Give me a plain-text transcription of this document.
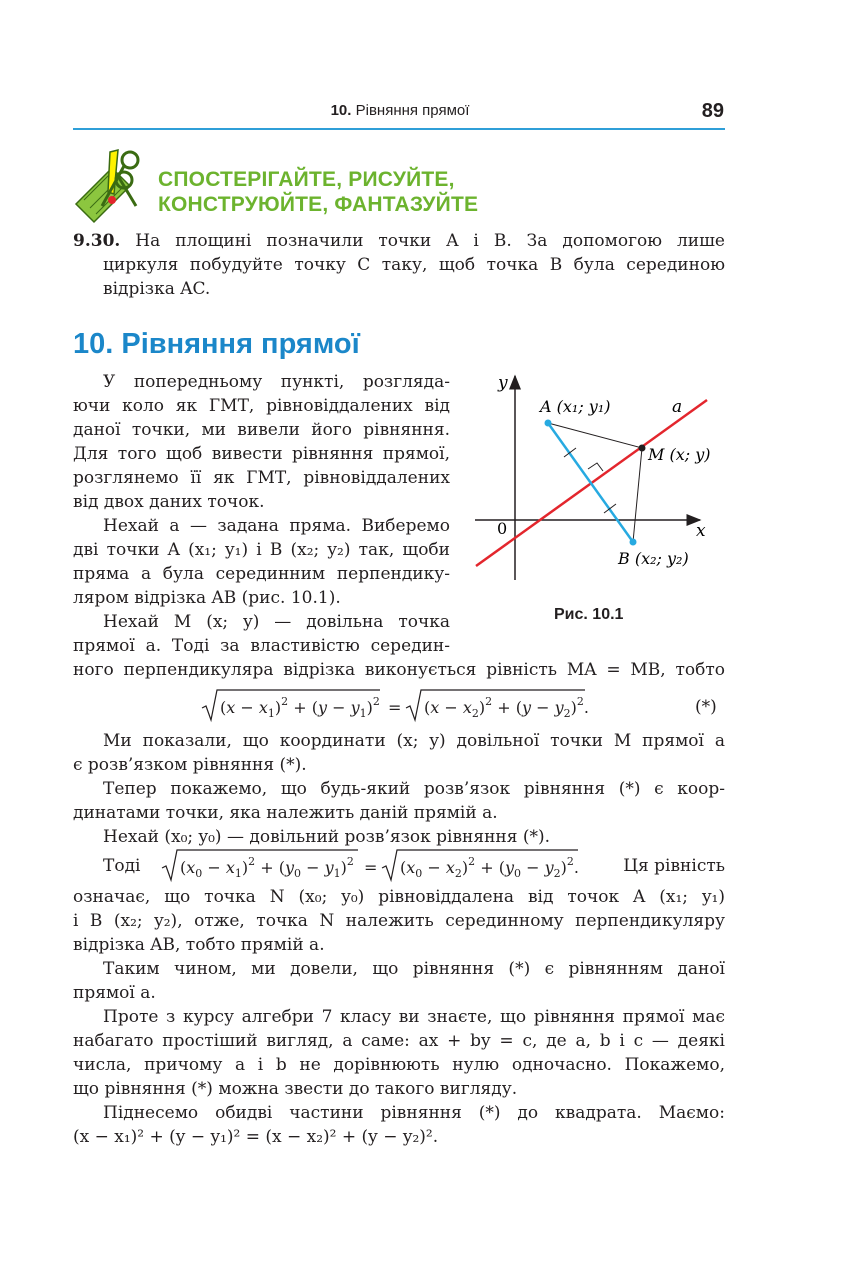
10. Рівняння прямої	89
СПОСТЕРІГАЙТЕ, РИСУЙТЕ,
КОНСТРУЮЙТЕ, ФАНТАЗУЙТЕ
9.30. На площині позначили точки A і B. За допомогою лише
циркуля побудуйте точку C таку, щоб точка B була серединою
відрізка AC.
10. Рівняння прямої
У попередньому пункті, розгляда-
ючи коло як ГМТ, рівновіддалених від
даної точки, ми вивели його рівняння.
Для того щоб вивести рівняння прямої,
розглянемо її як ГМТ, рівновіддалених
від двох даних точок.
Нехай a — задана пряма. Виберемо
дві точки A (x₁; y₁) і B (x₂; y₂) так, щоби
пряма a була серединним перпендику-
ляром відрізка AB (рис. 10.1).
Нехай M (x; y) — довільна точка
прямої a. Тоді за властивістю середин-
ного перпендикуляра відрізка виконується рівність MA = MB, тобто
y
x
0
A (x₁; y₁)	a
M (x; y)
B (x₂; y₂)
Рис. 10.1
$(x - x_1)^2 + (y - y_1)^2 = (x - x_2)^2 + (y - y_2)^2$.	(*)
Ми показали, що координати (x; y) довільної точки M прямої a
є розв’язком рівняння (*).
Тепер покажемо, що будь-який розв’язок рівняння (*) є коор-
динатами точки, яка належить даній прямій a.
Нехай (x₀; y₀) — довільний розв’язок рівняння (*).
Тоді $(x_0 - x_1)^2 + (y_0 - y_1)^2 = (x_0 - x_2)^2 + (y_0 - y_2)^2$.	Ця рівність
означає, що точка N (x₀; y₀) рівновіддалена від точок A (x₁; y₁)
і B (x₂; y₂), отже, точка N належить серединному перпендикуляру
відрізка AB, тобто прямій a.
Таким чином, ми довели, що рівняння (*) є рівнянням даної
прямої a.
Проте з курсу алгебри 7 класу ви знаєте, що рівняння прямої має
набагато простіший вигляд, а саме: ax + by = c, де a, b і c — деякі
числа, причому a і b не дорівнюють нулю одночасно. Покажемо,
що рівняння (*) можна звести до такого вигляду.
Піднесемо обидві частини рівняння (*) до квадрата. Маємо:
(x − x₁)² + (y − y₁)² = (x − x₂)² + (y − y₂)².
